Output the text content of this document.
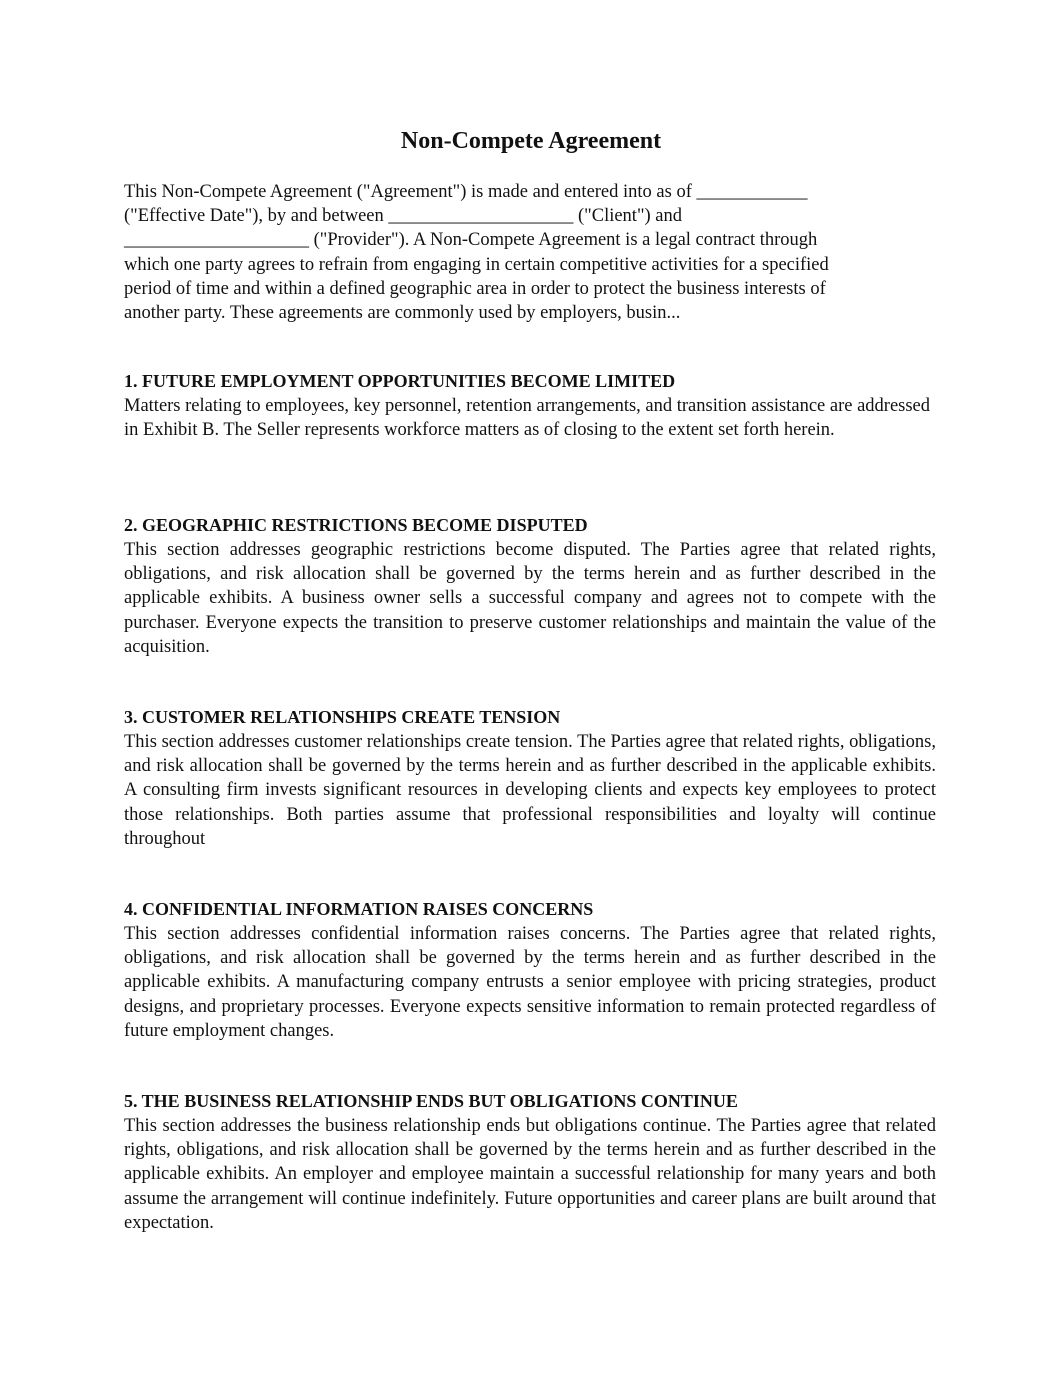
Non-Compete Agreement
This Non-Compete Agreement ("Agreement") is made and entered into as of ____________
("Effective Date"), by and between ____________________ ("Client") and
____________________ ("Provider"). A Non-Compete Agreement is a legal contract through
which one party agrees to refrain from engaging in certain competitive activities for a specified
period of time and within a defined geographic area in order to protect the business interests of
another party. These agreements are commonly used by employers, busin...
1. FUTURE EMPLOYMENT OPPORTUNITIES BECOME LIMITED

Matters relating to employees, key personnel, retention arrangements, and transition assistance are addressed in Exhibit B. The Seller represents workforce matters as of closing to the extent set forth herein.

2. GEOGRAPHIC RESTRICTIONS BECOME DISPUTED

This section addresses geographic restrictions become disputed. The Parties agree that related rights, obligations, and risk allocation shall be governed by the terms herein and as further described in the applicable exhibits. A business owner sells a successful company and agrees not to compete with the purchaser. Everyone expects the transition to preserve customer relationships and maintain the value of the acquisition.

3. CUSTOMER RELATIONSHIPS CREATE TENSION

This section addresses customer relationships create tension. The Parties agree that related rights, obligations, and risk allocation shall be governed by the terms herein and as further described in the applicable exhibits. A consulting firm invests significant resources in developing clients and expects key employees to protect those relationships. Both parties assume that professional responsibilities and loyalty will continue throughout

4. CONFIDENTIAL INFORMATION RAISES CONCERNS

This section addresses confidential information raises concerns. The Parties agree that related rights, obligations, and risk allocation shall be governed by the terms herein and as further described in the applicable exhibits. A manufacturing company entrusts a senior employee with pricing strategies, product designs, and proprietary processes. Everyone expects sensitive information to remain protected regardless of future employment changes.

5. THE BUSINESS RELATIONSHIP ENDS BUT OBLIGATIONS CONTINUE

This section addresses the business relationship ends but obligations continue. The Parties agree that related rights, obligations, and risk allocation shall be governed by the terms herein and as further described in the applicable exhibits. An employer and employee maintain a successful relationship for many years and both assume the arrangement will continue indefinitely. Future opportunities and career plans are built around that expectation.
